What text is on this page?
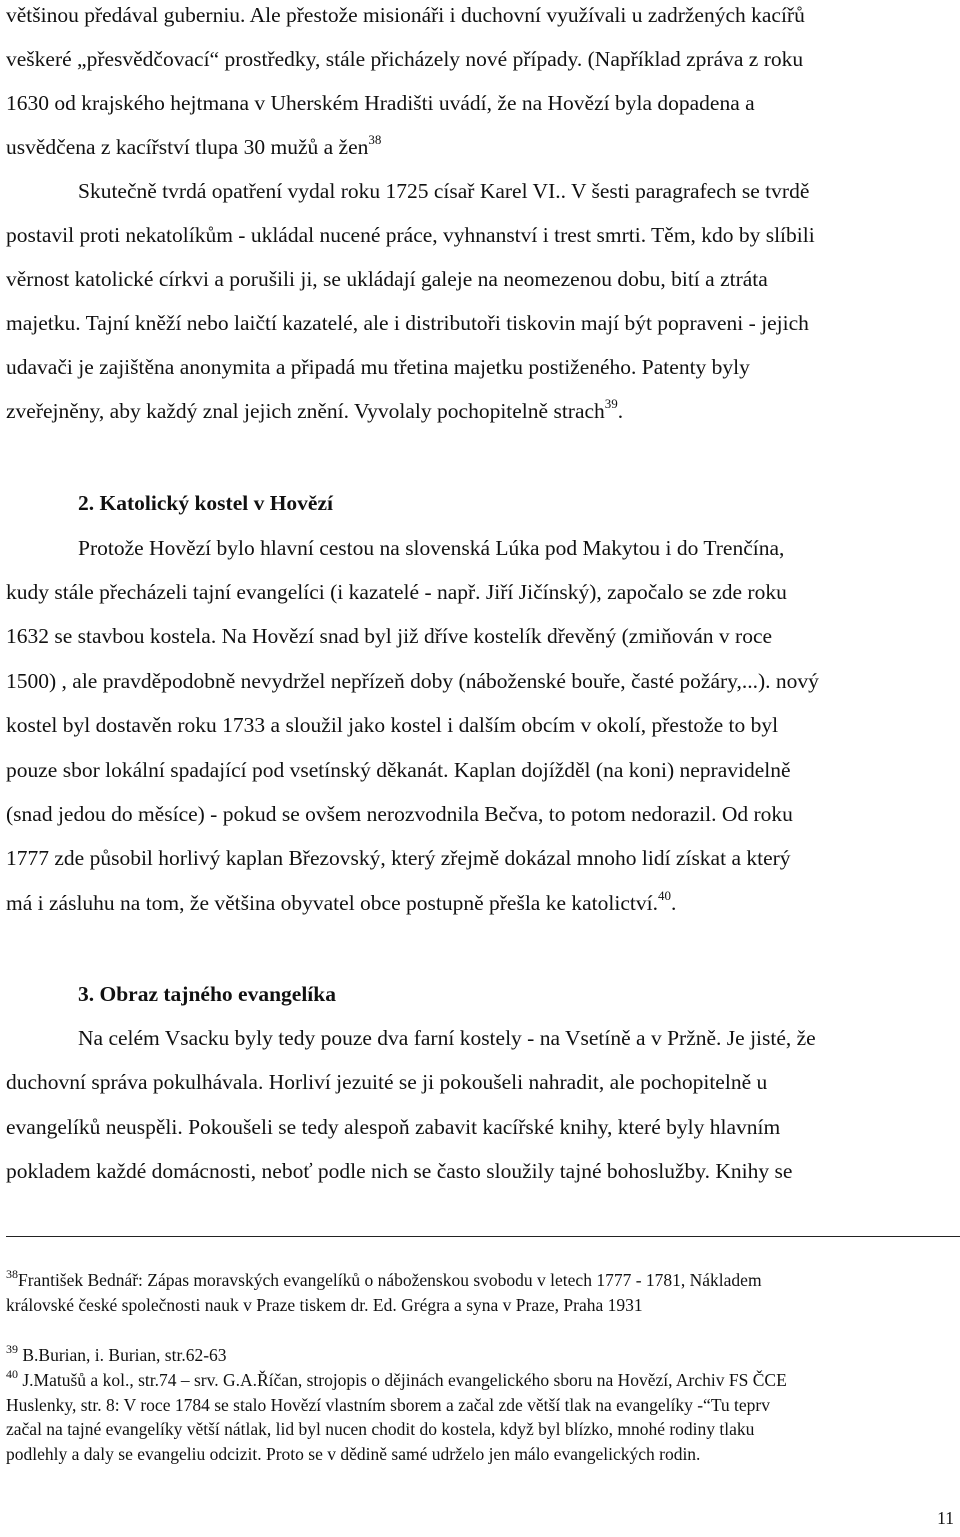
většinou předával guberniu. Ale přestože misionáři i duchovní využívali u zadržených kacířů
veškeré „přesvědčovací“ prostředky, stále přicházely nové případy. (Například zpráva z roku
1630 od krajského hejtmana v Uherském Hradišti uvádí, že na Hovězí byla dopadena a
usvědčena z kacířství tlupa 30 mužů a žen$^{38}$
Skutečně tvrdá opatření vydal roku 1725 císař Karel VI.. V šesti paragrafech se tvrdě
postavil proti nekatolíkům - ukládal nucené práce, vyhnanství i trest smrti. Těm, kdo by slíbili
věrnost katolické církvi a porušili ji, se ukládají galeje na neomezenou dobu, bití a ztráta
majetku. Tajní kněží nebo laičtí kazatelé, ale i distributoři tiskovin mají být popraveni - jejich
udavači je zajištěna anonymita a připadá mu třetina majetku postiženého. Patenty byly
zveřejněny, aby každý znal jejich znění. Vyvolaly pochopitelně strach$^{39}$.
2. Katolický kostel v Hovězí
Protože Hovězí bylo hlavní cestou na slovenská Lúka pod Makytou i do Trenčína,
kudy stále přecházeli tajní evangelíci (i kazatelé - např. Jiří Jičínský), započalo se zde roku
1632 se stavbou kostela. Na Hovězí snad byl již dříve kostelík dřevěný (zmiňován v roce
1500) , ale pravděpodobně nevydržel nepřízeň doby (náboženské bouře, časté požáry,...). nový
kostel byl dostavěn roku 1733 a sloužil jako kostel i dalším obcím v okolí, přestože to byl
pouze sbor lokální spadající pod vsetínský děkanát. Kaplan dojížděl (na koni) nepravidelně
(snad jedou do měsíce) - pokud se ovšem nerozvodnila Bečva, to potom nedorazil. Od roku
1777 zde působil horlivý kaplan Březovský, který zřejmě dokázal mnoho lidí získat a který
má i zásluhu na tom, že většina obyvatel obce postupně přešla ke katolictví.$^{40}$.
3. Obraz tajného evangelíka
Na celém Vsacku byly tedy pouze dva farní kostely - na Vsetíně a v Pržně. Je jisté, že
duchovní správa pokulhávala. Horliví jezuité se ji pokoušeli nahradit, ale pochopitelně u
evangelíků neuspěli. Pokoušeli se tedy alespoň zabavit kacířské knihy, které byly hlavním
pokladem každé domácnosti, neboť podle nich se často sloužily tajné bohoslužby. Knihy se
$^{38}$František Bednář: Zápas moravských evangelíků o náboženskou svobodu v letech 1777 - 1781, Nákladem
královské české společnosti nauk v Praze tiskem dr. Ed. Grégra a syna v Praze, Praha 1931
$^{39}$ B.Burian, i. Burian, str.62-63
$^{40}$ J.Matušů a kol., str.74 – srv. G.A.Říčan, strojopis o dějinách evangelického sboru na Hovězí, Archiv FS ČCE
Huslenky, str. 8: V roce 1784 se stalo Hovězí vlastním sborem a začal zde větší tlak na evangelíky -“Tu teprv
začal na tajné evangelíky větší nátlak, lid byl nucen chodit do kostela, když byl blízko, mnohé rodiny tlaku
podlehly a daly se evangeliu odcizit. Proto se v dědině samé udrželo jen málo evangelických rodin.
11
